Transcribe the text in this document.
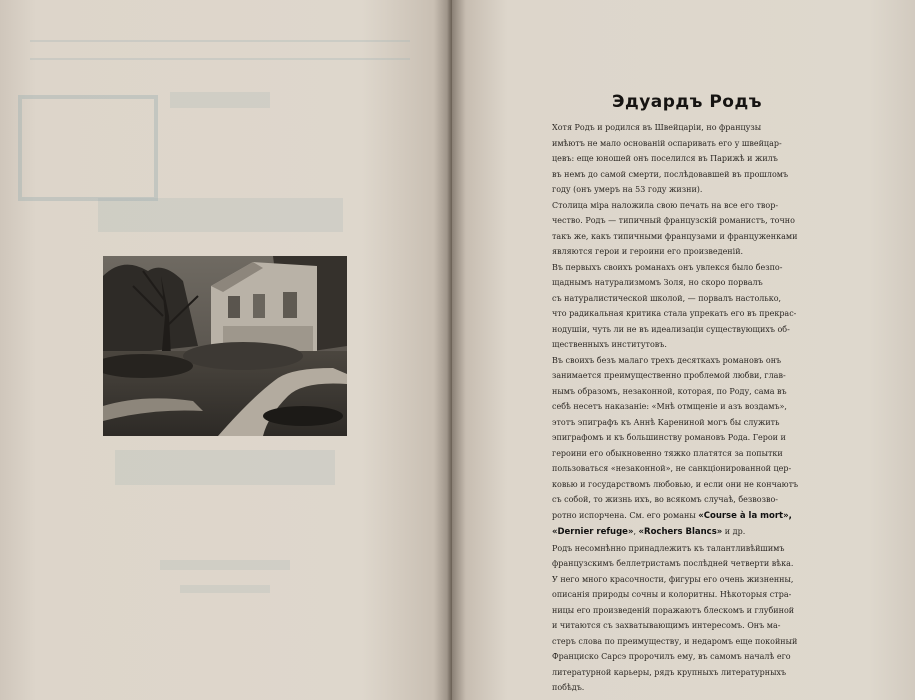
Эдуардъ Родъ
Хотя Родъ и родился въ Швейцаріи, но французы
имѣютъ не мало основаній оспаривать его у швейцар-
цевъ: еще юношей онъ поселился въ Парижѣ и жилъ
въ немъ до самой смерти, послѣдовавшей въ прошломъ
году (онъ умеръ на 53 году жизни).
Столица міра наложила свою печать на все его твор-
чество. Родъ — типичный французскій романистъ, точно
такъ же, какъ типичными французами и француженками
являются герои и героини его произведеній.
Въ первыхъ своихъ романахъ онъ увлекся было безпо-
щаднымъ натурализмомъ Золя, но скоро порвалъ
съ натуралистической школой, — порвалъ настолько,
что радикальная критика стала упрекать его въ прекрас-
нодушіи, чуть ли не въ идеализаціи существующихъ об-
щественныхъ институтовъ.
Въ своихъ безъ малаго трехъ десяткахъ романовъ онъ
занимается преимущественно проблемой любви, глав-
нымъ образомъ, незаконной, которая, по Роду, сама въ
себѣ несетъ наказаніе: «Мнѣ отмщеніе и азъ воздамъ»,
этотъ эпиграфъ къ Аннѣ Карениной могъ бы служить
эпиграфомъ и къ большинству романовъ Рода. Герои и
героини его обыкновенно тяжко платятся за попытки
пользоваться «незаконной», не санкціонированной цер-
ковью и государствомъ любовью, и если они не кончаютъ
съ собой, то жизнь ихъ, во всякомъ случаѣ, безвозво-
ротно испорчена. См. его романы «Course à la mort»,
«Dernier refuge», «Rochers Blancs» и др.
Родъ несомнѣнно принадлежитъ къ талантливѣйшимъ
французскимъ беллетристамъ послѣдней четверти вѣка.
У него много красочности, фигуры его очень жизненны,
описанія природы сочны и колоритны. Нѣкоторыя стра-
ницы его произведеній поражаютъ блескомъ и глубиной
и читаются съ захватывающимъ интересомъ. Онъ ма-
стеръ слова по преимуществу, и недаромъ еще покойный
Франциско Сарсэ пророчилъ ему, въ самомъ началѣ его
литературной карьеры, рядъ крупныхъ литературныхъ
побѣдъ.
